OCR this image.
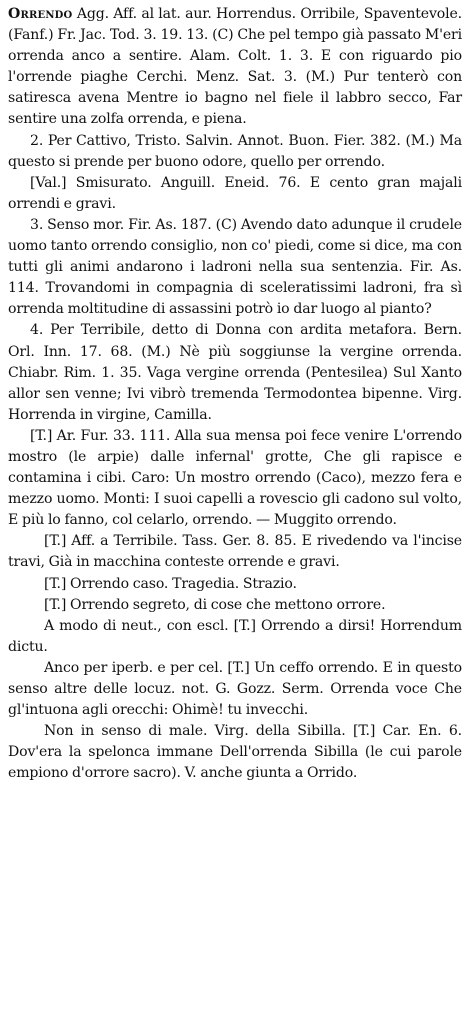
Orrendo Agg. Aff. al lat. aur. Horrendus. Orribile, Spaventevole. (Fanf.) Fr. Jac. Tod. 3. 19. 13. (C) Che pel tempo già passato M'eri orrenda anco a sentire. Alam. Colt. 1. 3. E con riguardo pio l'orrende piaghe Cerchi. Menz. Sat. 3. (M.) Pur tenterò con satiresca avena Mentre io bagno nel fiele il labbro secco, Far sentire una zolfa orrenda, e piena.

2. Per Cattivo, Tristo. Salvin. Annot. Buon. Fier. 382. (M.) Ma questo si prende per buono odore, quello per orrendo.

[Val.] Smisurato. Anguill. Eneid. 76. E cento gran majali orrendi e gravi.

3. Senso mor. Fir. As. 187. (C) Avendo dato adunque il crudele uomo tanto orrendo consiglio, non co' piedi, come si dice, ma con tutti gli animi andarono i ladroni nella sua sentenzia. Fir. As. 114. Trovandomi in compagnia di sceleratissimi ladroni, fra sì orrenda moltitudine di assassini potrò io dar luogo al pianto?

4. Per Terribile, detto di Donna con ardita metafora. Bern. Orl. Inn. 17. 68. (M.) Nè più soggiunse la vergine orrenda. Chiabr. Rim. 1. 35. Vaga vergine orrenda (Pentesilea) Sul Xanto allor sen venne; Ivi vibrò tremenda Termodontea bipenne. Virg. Horrenda in virgine, Camilla.

[T.] Ar. Fur. 33. 111. Alla sua mensa poi fece venire L'orrendo mostro (le arpie) dalle infernal' grotte, Che gli rapisce e contamina i cibi. Caro: Un mostro orrendo (Caco), mezzo fera e mezzo uomo. Monti: I suoi capelli a rovescio gli cadono sul volto, E più lo fanno, col celarlo, orrendo. — Muggito orrendo.

[T.] Aff. a Terribile. Tass. Ger. 8. 85. E rivedendo va l'incise travi, Già in macchina conteste orrende e gravi.

[T.] Orrendo caso. Tragedia. Strazio.

[T.] Orrendo segreto, di cose che mettono orrore.

A modo di neut., con escl. [T.] Orrendo a dirsi! Horrendum dictu.

Anco per iperb. e per cel. [T.] Un ceffo orrendo. E in questo senso altre delle locuz. not. G. Gozz. Serm. Orrenda voce Che gl'intuona agli orecchi: Ohimè! tu invecchi.

Non in senso di male. Virg. della Sibilla. [T.] Car. En. 6. Dov'era la spelonca immane Dell'orrenda Sibilla (le cui parole empiono d'orrore sacro). V. anche giunta a Orrido.
